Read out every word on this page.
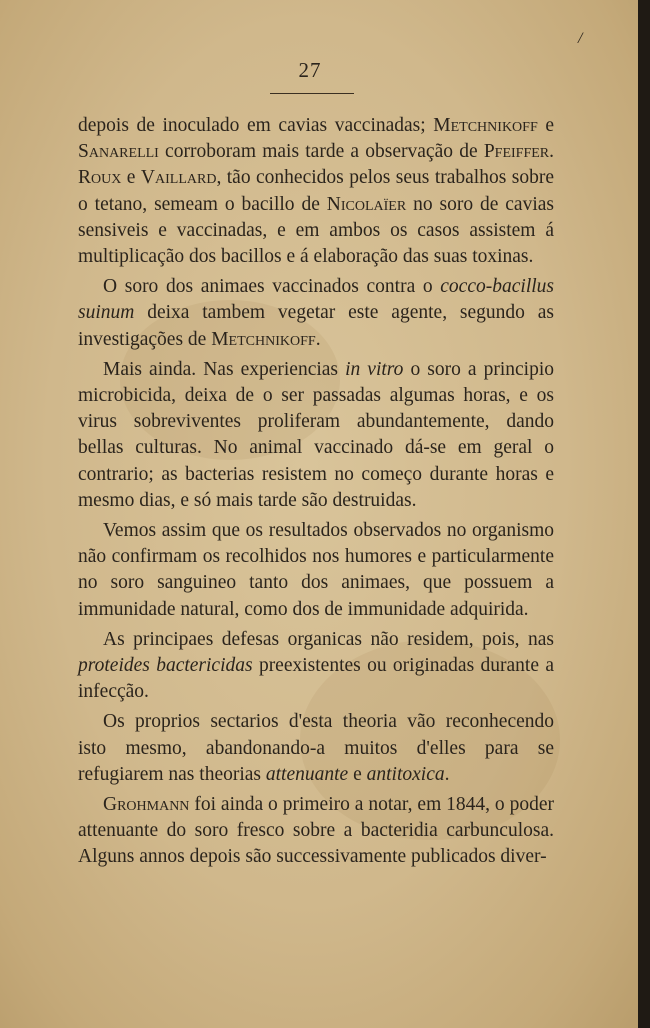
/
27

depois de inoculado em cavias vaccinadas; Metchnikoff e Sanarelli corroboram mais tarde a observação de Pfeiffer. Roux e Vaillard, tão conhecidos pelos seus trabalhos sobre o tetano, semeam o bacillo de Nicolaïer no soro de cavias sensiveis e vaccinadas, e em ambos os casos assistem á multiplicação dos bacillos e á elaboração das suas toxinas.

O soro dos animaes vaccinados contra o cocco-bacillus suinum deixa tambem vegetar este agente, segundo as investigações de Metchnikoff.

Mais ainda. Nas experiencias in vitro o soro a principio microbicida, deixa de o ser passadas algumas horas, e os virus sobreviventes proliferam abundantemente, dando bellas culturas. No animal vaccinado dá-se em geral o contrario; as bacterias resistem no começo durante horas e mesmo dias, e só mais tarde são destruidas.

Vemos assim que os resultados observados no organismo não confirmam os recolhidos nos humores e particularmente no soro sanguineo tanto dos animaes, que possuem a immunidade natural, como dos de immunidade adquirida.

As principaes defesas organicas não residem, pois, nas proteides bactericidas preexistentes ou originadas durante a infecção.

Os proprios sectarios d'esta theoria vão reconhecendo isto mesmo, abandonando-a muitos d'elles para se refugiarem nas theorias attenuante e antitoxica.

Grohmann foi ainda o primeiro a notar, em 1844, o poder attenuante do soro fresco sobre a bacteridia carbunculosa. Alguns annos depois são successivamente publicados diver-
